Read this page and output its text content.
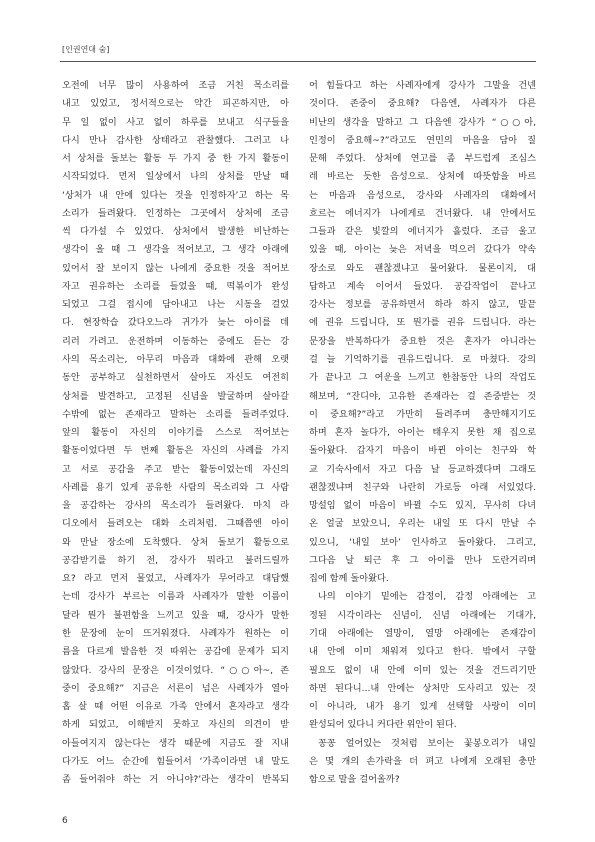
[인권연대 숨]
오전에 너무 많이 사용하여 조금 거친 목소리를
내고 있었고, 정서적으로는 약간 피곤하지만, 아
무 일 없이 사고 없이 하루를 보내고 식구들을
다시 만나 감사한 상태라고 관찰했다. 그러고 나
서 상처를 돌보는 활동 두 가지 중 한 가지 활동이
시작되었다. 먼저 일상에서 나의 상처를 만날 때
‘상처가 내 안에 있다는 것을 인정하자’고 하는 목
소리가 들려왔다. 인정하는 그곳에서 상처에 조금
씩 다가설 수 있었다. 상처에서 발생한 비난하는
생각이 올 때 그 생각을 적어보고, 그 생각 아래에
있어서 잘 보이지 않는 나에게 중요한 것을 적어보
자고 권유하는 소리를 들었을 때, 떡볶이가 완성
되었고 그걸 접시에 담아내고 나는 시동을 걸었
다. 현장학습 갔다오느라 귀가가 늦는 아이를 데
리러 가려고. 운전하며 이동하는 중에도 듣는 강
사의 목소리는, 아무리 마음과 대화에 관해 오랫
동안 공부하고 실천하면서 살아도 자신도 여전히
상처를 발견하고, 고정된 신념을 발굴하며 살아갈
수밖에 없는 존재라고 말하는 소리를 들려주었다.
앞의 활동이 자신의 이야기를 스스로 적어보는
활동이었다면 두 번째 활동은 자신의 사례를 가지
고 서로 공감을 주고 받는 활동이었는데 자신의
사례를 용기 있게 공유한 사람의 목소리와 그 사람
을 공감하는 강사의 목소리가 들려왔다. 마치 라
디오에서 들려오는 대화 소리처럼. 그때쯤엔 아이
와 만날 장소에 도착했다. 상처 돌보기 활동으로
공감받기를 하기 전, 강사가 뭐라고 불러드릴까
요? 라고 먼저 물었고, 사례자가 무어라고 대답했
는데 강사가 부르는 이름과 사례자가 말한 이름이
달라 뭔가 불편함을 느끼고 있을 때, 강사가 말한
한 문장에 눈이 뜨거워졌다. 사례자가 원하는 이
름을 다르게 발음한 것 따위는 공감에 문제가 되지
않았다. 강사의 문장은 이것이었다. “○○아~, 존
중이 중요해?” 지금은 서른이 넘은 사례자가 열아
홉 살 때 어떤 이유로 가족 안에서 혼자라고 생각
하게 되었고, 이해받지 못하고 자신의 의견이 받
아들여지지 않는다는 생각 때문에 지금도 잘 지내
다가도 어느 순간에 힘들어서 ‘가족이라면 내 말도
좀 들어줘야 하는 거 아니야?’라는 생각이 반복되
어 힘들다고 하는 사례자에게 강사가 그말을 건넨
것이다. 존중이 중요해? 다음엔, 사례자가 다른
비난의 생각을 말하고 그 다음엔 강사가 “○○아,
인정이 중요해~?”라고도 연민의 마음을 담아 질
문해 주었다. 상처에 연고를 좀 부드럽게 조심스
레 바르는 듯한 음성으로. 상처에 따뜻함을 바르
는 마음과 음성으로, 강사와 사례자의 대화에서
흐르는 에너지가 나에게로 건너왔다. 내 안에서도
그들과 같은 빛깔의 에너지가 흘렀다. 조금 울고
있을 때, 아이는 늦은 저녁을 먹으러 갔다가 약속
장소로 와도 괜찮겠냐고 물어왔다. 물론이지, 대
답하고 계속 이어서 들었다. 공감작업이 끝나고
강사는 정보를 공유하면서 하라 하지 않고, 말끝
에 권유 드립니다, 또 뭔가를 권유 드립니다. 라는
문장을 반복하다가 중요한 것은 혼자가 아니라는
걸 늘 기억하기를 권유드립니다. 로 마쳤다. 강의
가 끝나고 그 여운을 느끼고 한참동안 나의 작업도
해보며, “잔디야, 고유한 존재라는 걸 존중받는 것
이 중요해?”라고 가만히 들려주며 충만해지기도
하며 혼자 놀다가, 아이는 태우지 못한 채 집으로
돌아왔다. 갑자기 마음이 바뀐 아이는 친구와 학
교 기숙사에서 자고 다음 날 등교하겠다며 그래도
괜찮겠냐며 친구와 나란히 가로등 아래 서있었다.
망설임 없이 마음이 바뀔 수도 있지, 무사히 다녀
온 얼굴 보았으니, 우리는 내일 또 다시 만날 수
있으니, ‘내일 보아’ 인사하고 돌아왔다. 그리고,
그다음 날 퇴근 후 그 아이를 만나 도란거리며
집에 함께 돌아왔다.
나의 이야기 밑에는 감정이, 감정 아래에는 고
정된 시각이라는 신념이, 신념 아래에는 기대가,
기대 아래에는 열망이, 열망 아래에는 존재감이
내 안에 이미 채워져 있다고 한다. 밖에서 구할
필요도 없이 내 안에 이미 있는 것을 건드리기만
하면 된다니...내 안에는 상처만 도사리고 있는 것
이 아니라, 내가 용기 있게 선택할 사랑이 이미
완성되어 있다니 커다란 위안이 된다.
꽁꽁 얼어있는 것처럼 보이는 꽃봉오리가 내일
은 몇 개의 손가락을 더 펴고 나에게 오래된 충만
함으로 말을 걸어올까?
6
